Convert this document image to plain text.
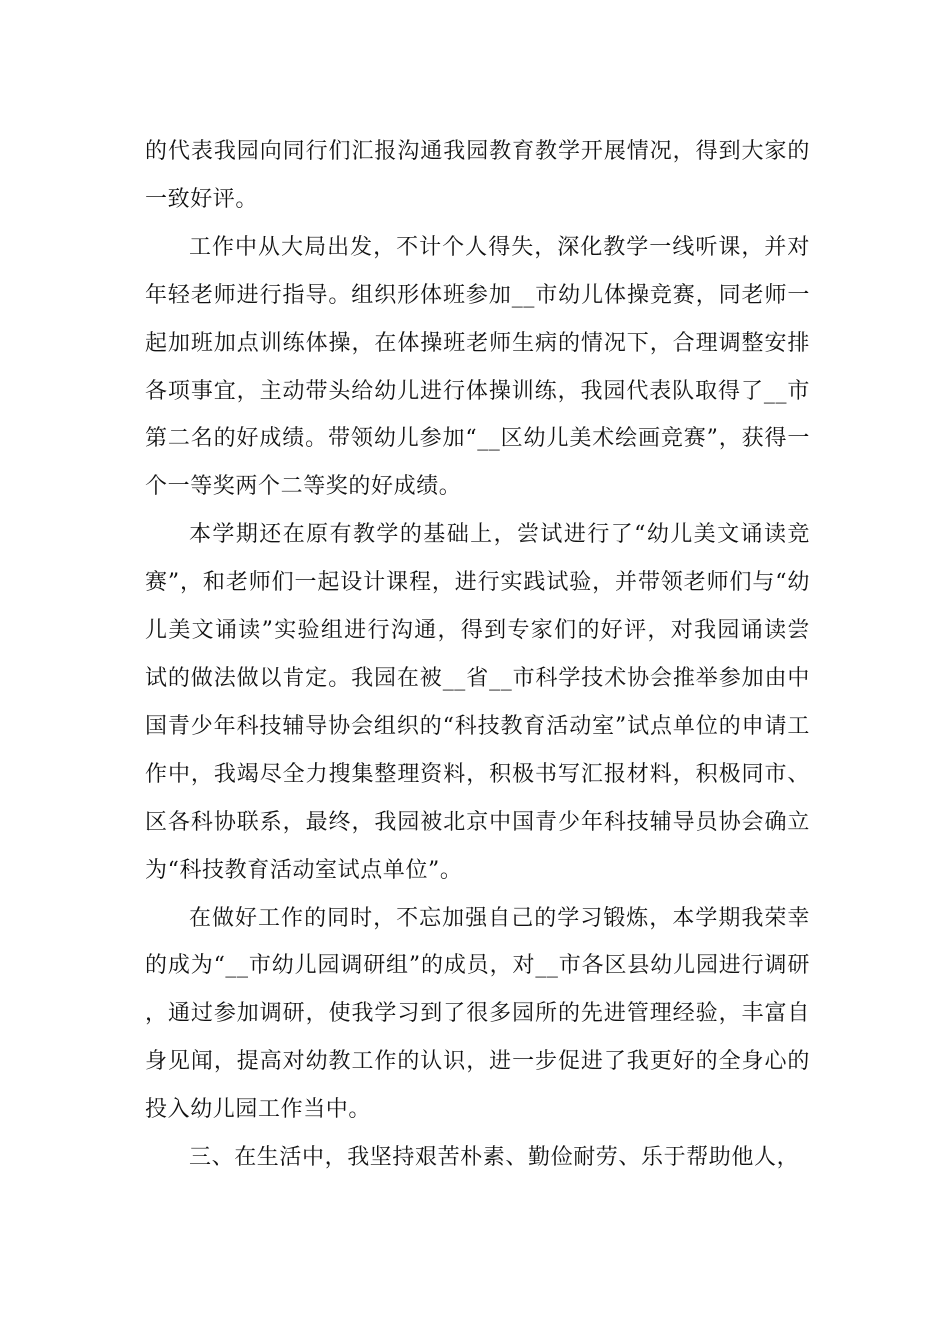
的代表我园向同行们汇报沟通我园教育教学开展情况，得到大家的一致好评。

工作中从大局出发，不计个人得失，深化教学一线听课，并对年轻老师进行指导。组织形体班参加__市幼儿体操竞赛，同老师一起加班加点训练体操，在体操班老师生病的情况下，合理调整安排各项事宜，主动带头给幼儿进行体操训练，我园代表队取得了__市第二名的好成绩。带领幼儿参加“__区幼儿美术绘画竞赛”，获得一个一等奖两个二等奖的好成绩。

本学期还在原有教学的基础上，尝试进行了“幼儿美文诵读竞赛”，和老师们一起设计课程，进行实践试验，并带领老师们与“幼儿美文诵读”实验组进行沟通，得到专家们的好评，对我园诵读尝试的做法做以肯定。我园在被__省__市科学技术协会推举参加由中国青少年科技辅导协会组织的“科技教育活动室”试点单位的申请工作中，我竭尽全力搜集整理资料，积极书写汇报材料，积极同市、区各科协联系，最终，我园被北京中国青少年科技辅导员协会确立为“科技教育活动室试点单位”。

在做好工作的同时，不忘加强自己的学习锻炼，本学期我荣幸的成为“__市幼儿园调研组”的成员，对__市各区县幼儿园进行调研，通过参加调研，使我学习到了很多园所的先进管理经验，丰富自身见闻，提高对幼教工作的认识，进一步促进了我更好的全身心的投入幼儿园工作当中。

三、在生活中，我坚持艰苦朴素、勤俭耐劳、乐于帮助他人，
